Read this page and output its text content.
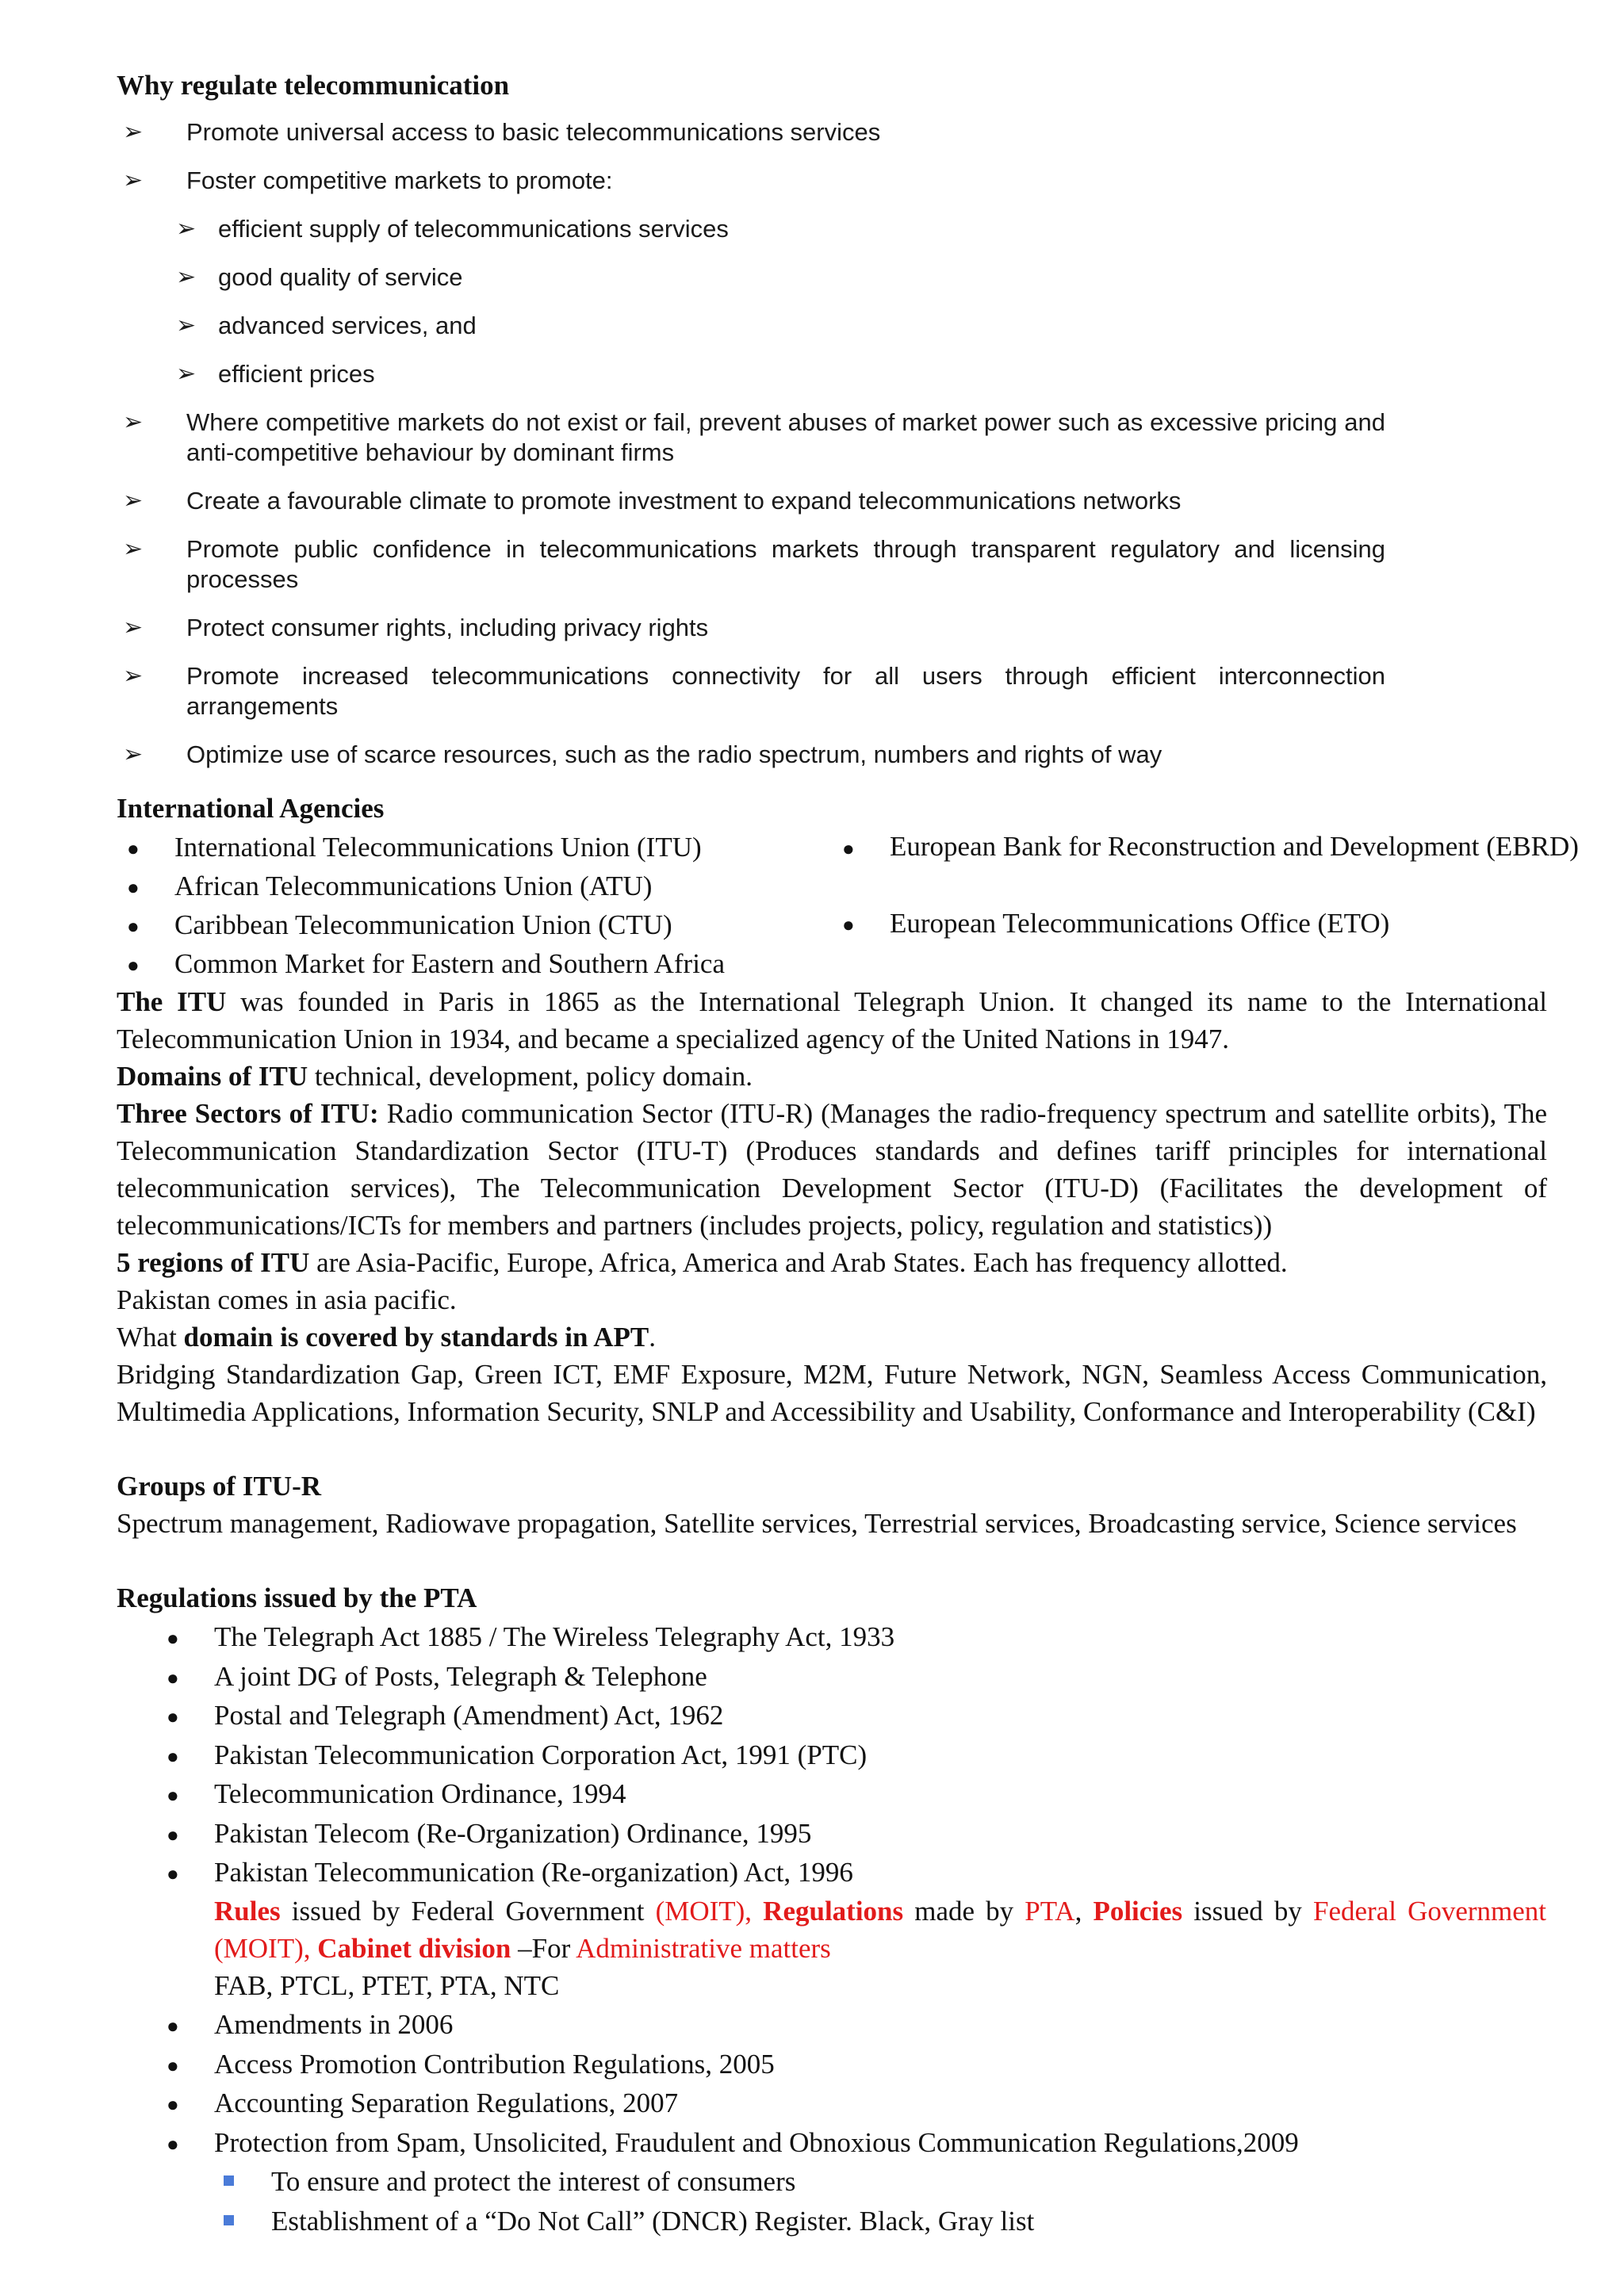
Why regulate telecommunication
➢ Promote universal access to basic telecommunications services
➢ Foster competitive markets to promote:
➢ efficient supply of telecommunications services
➢ good quality of service
➢ advanced services, and
➢ efficient prices
➢ Where competitive markets do not exist or fail, prevent abuses of market power such as excessive pricing and anti-competitive behaviour by dominant firms
➢ Create a favourable climate to promote investment to expand telecommunications networks
➢ Promote public confidence in telecommunications markets through transparent regulatory and licensing processes
➢ Protect consumer rights, including privacy rights
➢ Promote increased telecommunications connectivity for all users through efficient interconnection arrangements
➢ Optimize use of scarce resources, such as the radio spectrum, numbers and rights of way
International Agencies
● International Telecommunications Union (ITU)
● African Telecommunications Union (ATU)
● Caribbean Telecommunication Union (CTU)
● Common Market for Eastern and Southern Africa
● European Bank for Reconstruction and Development (EBRD)
● European Telecommunications Office (ETO)
The ITU was founded in Paris in 1865 as the International Telegraph Union. It changed its name to the International Telecommunication Union in 1934, and became a specialized agency of the United Nations in 1947.
Domains of ITU technical, development, policy domain.
Three Sectors of ITU: Radio communication Sector (ITU-R) (Manages the radio-frequency spectrum and satellite orbits), The Telecommunication Standardization Sector (ITU-T) (Produces standards and defines tariff principles for international telecommunication services), The Telecommunication Development Sector (ITU-D) (Facilitates the development of telecommunications/ICTs for members and partners (includes projects, policy, regulation and statistics))
5 regions of ITU are Asia-Pacific, Europe, Africa, America and Arab States. Each has frequency allotted.
Pakistan comes in asia pacific.
What domain is covered by standards in APT.
Bridging Standardization Gap, Green ICT, EMF Exposure, M2M, Future Network, NGN, Seamless Access Communication, Multimedia Applications, Information Security, SNLP and Accessibility and Usability, Conformance and Interoperability (C&I)
Groups of ITU-R
Spectrum management, Radiowave propagation, Satellite services, Terrestrial services, Broadcasting service, Science services
Regulations issued by the PTA
● The Telegraph Act 1885 / The Wireless Telegraphy Act, 1933
● A joint DG of Posts, Telegraph & Telephone
● Postal and Telegraph (Amendment) Act, 1962
● Pakistan Telecommunication Corporation Act, 1991 (PTC)
● Telecommunication Ordinance, 1994
● Pakistan Telecom (Re-Organization) Ordinance, 1995
● Pakistan Telecommunication (Re-organization) Act, 1996
Rules issued by Federal Government (MOIT), Regulations made by PTA, Policies issued by Federal Government (MOIT), Cabinet division –For Administrative matters
FAB, PTCL, PTET, PTA, NTC
● Amendments in 2006
● Access Promotion Contribution Regulations, 2005
● Accounting Separation Regulations, 2007
● Protection from Spam, Unsolicited, Fraudulent and Obnoxious Communication Regulations,2009
To ensure and protect the interest of consumers
Establishment of a “Do Not Call” (DNCR) Register. Black, Gray list
